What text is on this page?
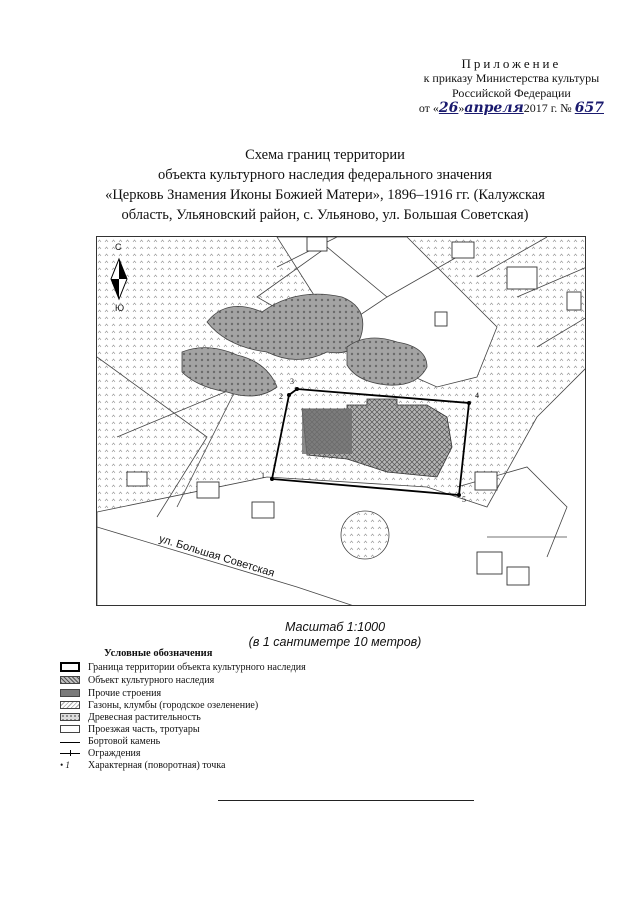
Приложение
к приказу Министерства культуры
Российской Федерации
от «26»апреля2017 г. № 657
Схема границ территории
объекта культурного наследия федерального значения
«Церковь Знамения Иконы Божией Матери», 1896–1916 гг. (Калужская
область, Ульяновский район, с. Ульяново, ул. Большая Советская)
С
Ю
ул. Большая Советская
1
2
3
4
5
Масштаб 1:1000
(в 1 сантиметре 10 метров)
Условные обозначения
Граница территории объекта культурного наследия
Объект культурного наследия
Прочие строения
Газоны, клумбы (городское озеленение)
Древесная растительность
Проезжая часть, тротуары
Бортовой камень
Ограждения
• 1	Характерная (поворотная) точка
